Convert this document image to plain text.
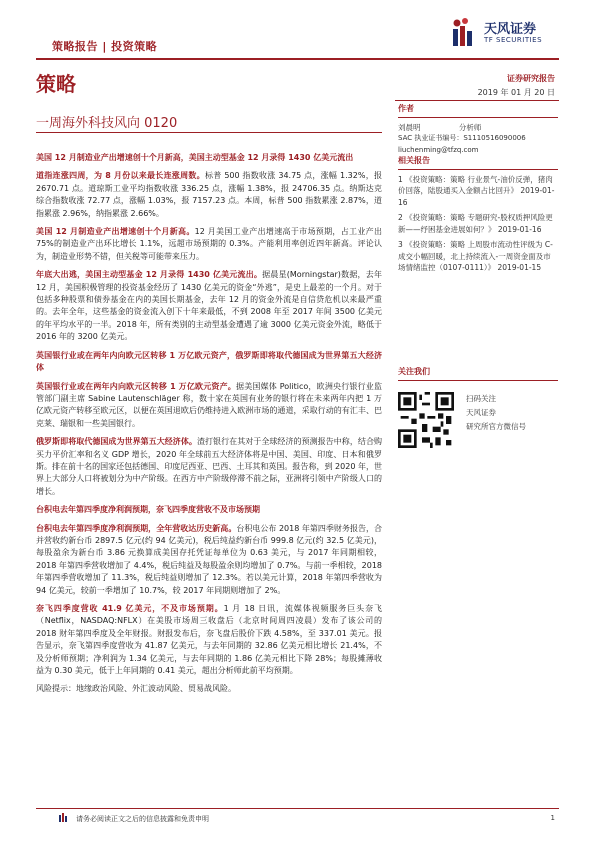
策略报告 | 投资策略
天风证券
TF SECURITIES
策略	证券研究报告
2019 年 01 月 20 日
一周海外科技风向 0120

美国 12 月制造业产出增速创十个月新高，美国主动型基金 12 月录得 1430 亿美元流出

道指连涨四周，为 8 月份以来最长连涨周数。标普 500 指数收涨 34.75 点，涨幅 1.32%，报 2670.71 点。道琼斯工业平均指数收涨 336.25 点，涨幅 1.38%，报 24706.35 点。纳斯达克综合指数收涨 72.77 点，涨幅 1.03%，报 7157.23 点。本周，标普 500 指数累涨 2.87%，道指累涨 2.96%，纳指累涨 2.66%。

美国 12 月制造业产出增速创十个月新高。12 月美国工业产出增速高于市场预期，占工业产出 75%的制造业产出环比增长 1.1%，远超市场预期的 0.3%。产能利用率创近四年新高。评论认为，制造业形势不错，但关税等可能带来压力。

年底大出逃，美国主动型基金 12 月录得 1430 亿美元流出。据晨星(Morningstar)数据，去年 12 月，美国积极管理的投资基金经历了 1430 亿美元的资金“外逃”，是史上最差的一个月。对于包括多种股票和债券基金在内的美国长期基金，去年 12 月的资金外流是自信贷危机以来最严重的。去年全年，这些基金的资金流入创下十年来最低，不到 2008 年至 2017 年间 3500 亿美元的年平均水平的一半。2018 年，所有类别的主动型基金遭遇了逾 3000 亿美元资金外流，略低于 2016 年的 3200 亿美元。

英国银行业或在两年内向欧元区转移 1 万亿欧元资产，俄罗斯即将取代德国成为世界第五大经济体

英国银行业或在两年内向欧元区转移 1 万亿欧元资产。据美国媒体 Politico，欧洲央行银行业监管部门副主席 Sabine Lautenschläger 称，数十家在英国有业务的银行将在未来两年内把 1 万亿欧元资产转移至欧元区，以便在英国退欧后仍维持进入欧洲市场的通道，采取行动的有汇丰、巴克莱、瑞银和一些美国银行。

俄罗斯即将取代德国成为世界第五大经济体。渣打银行在其对于全球经济的预测报告中称，结合购买力平价汇率和名义 GDP 增长，2020 年全球前五大经济体将是中国、美国、印度、日本和俄罗斯。排在前十名的国家还包括德国、印度尼西亚、巴西、土耳其和英国。报告称，到 2020 年，世界上大部分人口将被划分为中产阶级。在西方中产阶级停滞不前之际，亚洲将引领中产阶级人口的增长。

台积电去年第四季度净利润预期，奈飞四季度营收不及市场预期

台积电去年第四季度净利润预期，全年营收达历史新高。台积电公布 2018 年第四季财务报告，合并营收约新台币 2897.5 亿元(约 94 亿美元)，税后纯益约新台币 999.8 亿元(约 32.5 亿美元)，每股盈余为新台币 3.86 元换算成美国存托凭证每单位为 0.63 美元，与 2017 年同期相较，2018 年第四季营收增加了 4.4%，税后纯益及每股盈余则均增加了 0.7%。与前一季相较，2018 年第四季营收增加了 11.3%，税后纯益则增加了 12.3%。若以美元计算，2018 年第四季营收为 94 亿美元，较前一季增加了 10.7%，较 2017 年同期则增加了 2%。

奈飞四季度营收 41.9 亿美元，不及市场预期。1 月 18 日讯，流媒体视频服务巨头奈飞（Netflix，NASDAQ:NFLX）在美股市场周三收盘后（北京时间周四凌晨）发布了该公司的 2018 财年第四季度及全年财报。财报发布后，奈飞盘后股价下跌 4.58%，至 337.01 美元。报告显示，奈飞第四季度营收为 41.87 亿美元，与去年同期的 32.86 亿美元相比增长 21.4%，不及分析师预期；净利润为 1.34 亿美元，与去年同期的 1.86 亿美元相比下降 28%；每股摊薄收益为 0.30 美元，低于上年同期的 0.41 美元，超出分析师此前平均预期。

风险提示：地缘政治风险、外汇波动风险、贸易战风险。

作者
刘晨明	分析师
SAC 执业证书编号：S1110516090006
liuchenming@tfzq.com
相关报告
1 《投资策略：策略 行业景气-油价反弹，猪肉价回落，陆股通买入金额占比回升》 2019-01-16
2 《投资策略：策略 专题研究-股权质押风险更新——纾困基金进展如何？》 2019-01-16
3 《投资策略：策略 上周股市流动性评级为 C-成交小幅回暖，北上持续流入-一周资金面及市场情绪监控（0107-0111）》 2019-01-15
关注我们
扫码关注
天风证券
研究所官方微信号
请务必阅读正文之后的信息披露和免责申明	1
